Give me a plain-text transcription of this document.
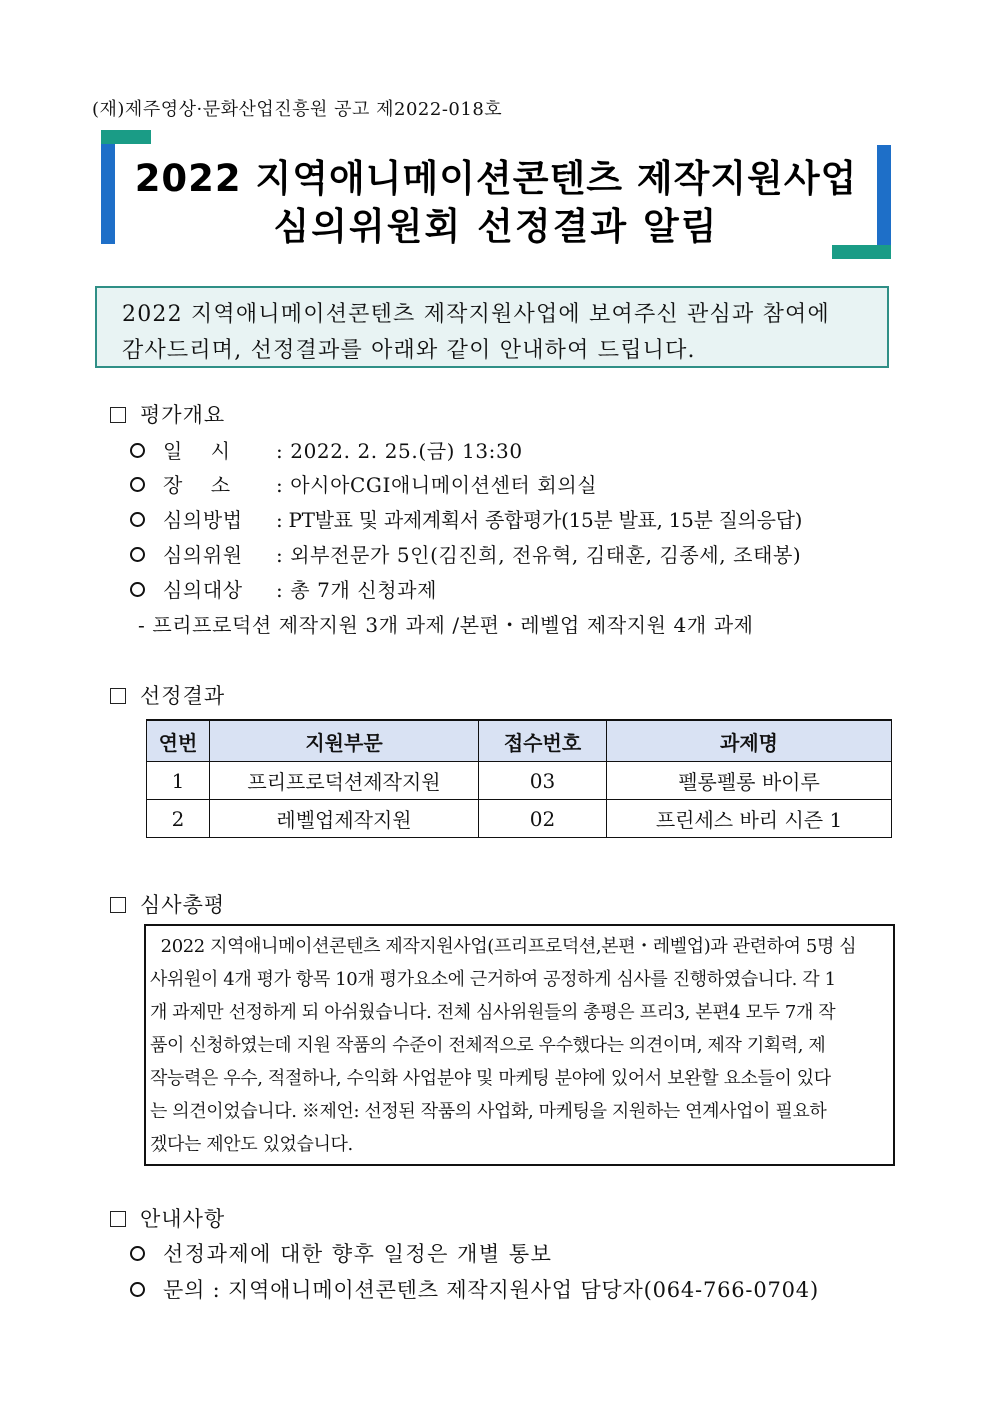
(재)제주영상·문화산업진흥원 공고 제2022-018호
2022 지역애니메이션콘텐츠 제작지원사업
심의위원회 선정결과 알림
2022 지역애니메이션콘텐츠 제작지원사업에 보여주신 관심과 참여에
감사드리며, 선정결과를 아래와 같이 안내하여 드립니다.
평가개요
일    시 : 2022. 2. 25.(금) 13:30
장    소 : 아시아CGI애니메이션센터 회의실
심의방법 : PT발표 및 과제계획서 종합평가(15분 발표, 15분 질의응답)
심의위원 : 외부전문가 5인(김진희, 전유혁, 김태훈, 김종세, 조태봉)
심의대상 : 총 7개 신청과제
- 프리프로덕션 제작지원 3개 과제 /본편・레벨업 제작지원 4개 과제
선정결과
연번	지원부문	접수번호	과제명
1	프리프로덕션제작지원	03	펠롱펠롱 바이루
2	레벨업제작지원	02	프린세스 바리 시즌 1
심사총평
2022 지역애니메이션콘텐츠 제작지원사업(프리프로덕션,본편・레벨업)과 관련하여 5명 심
사위원이 4개 평가 항목 10개 평가요소에 근거하여 공정하게 심사를 진행하였습니다. 각 1
개 과제만 선정하게 되 아쉬웠습니다. 전체 심사위원들의 총평은 프리3, 본편4 모두 7개 작
품이 신청하였는데 지원 작품의 수준이 전체적으로 우수했다는 의견이며, 제작 기획력, 제
작능력은 우수, 적절하나, 수익화 사업분야 및 마케팅 분야에 있어서 보완할 요소들이 있다
는 의견이었습니다. ※제언: 선정된 작품의 사업화, 마케팅을 지원하는 연계사업이 필요하
겠다는 제안도 있었습니다.
안내사항
선정과제에 대한 향후 일정은 개별 통보
문의 : 지역애니메이션콘텐츠 제작지원사업 담당자(064-766-0704)
